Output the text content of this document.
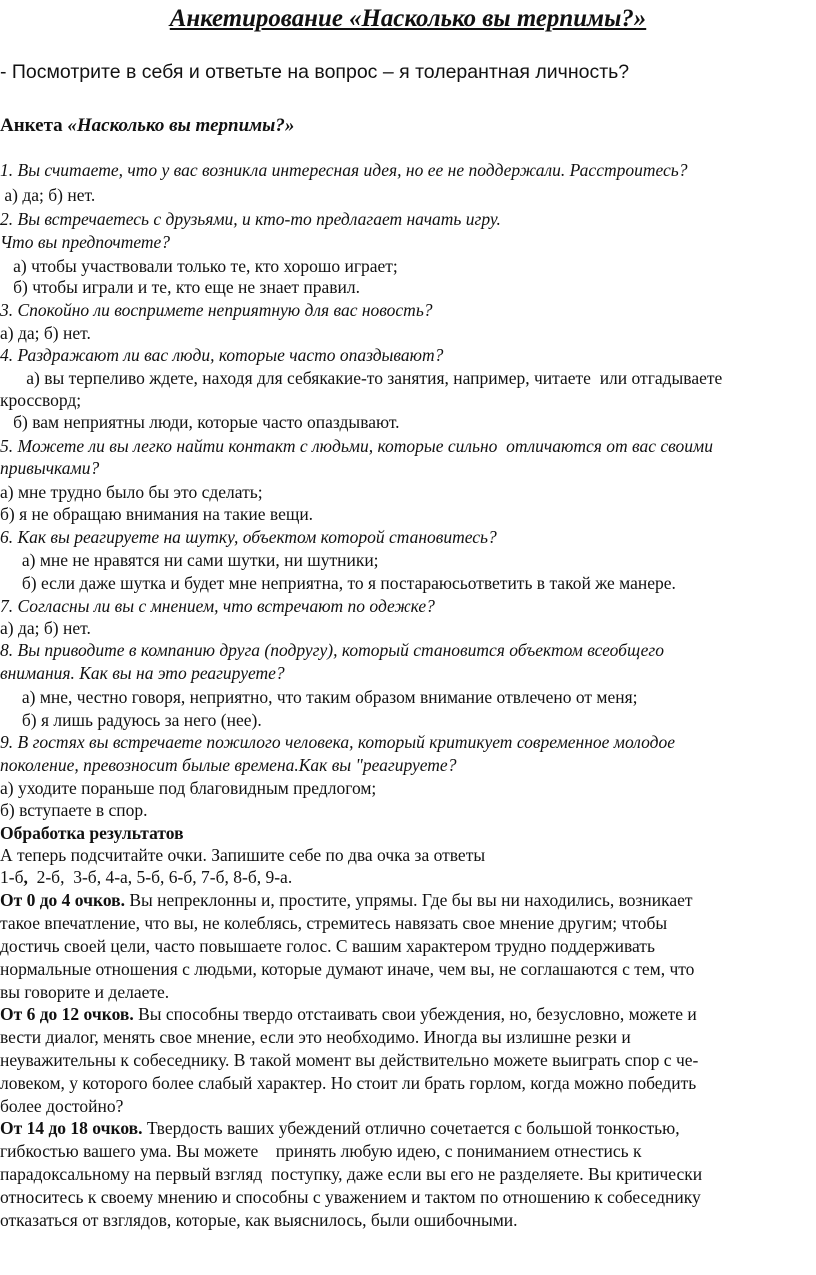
Анкетирование «Насколько вы терпимы?»
- Посмотрите в себя и ответьте на вопрос – я толерантная личность?
Анкета «Насколько вы терпимы?»
1. Вы считаете, что у вас возникла интересная идея, но ее не поддержали. Расстроитесь?
а) да; б) нет.
2. Вы встречаетесь с друзьями, и кто-то предлагает начать игру.
Что вы предпочтете?
а) чтобы участвовали только те, кто хорошо играет;
б) чтобы играли и те, кто еще не знает правил.
3. Спокойно ли воспримете неприятную для вас новость?
а) да; б) нет.
4. Раздражают ли вас люди, которые часто опаздывают?
а) вы терпеливо ждете, находя для себякакие-то занятия, например, читаете  или отгадываете
кроссворд;
б) вам неприятны люди, которые часто опаздывают.
5. Можете ли вы легко найти контакт с людьми, которые сильно  отличаются от вас своими
привычками?
а) мне трудно было бы это сделать;
б) я не обращаю внимания на такие вещи.
6. Как вы реагируете на шутку, объектом которой становитесь?
а) мне не нравятся ни сами шутки, ни шутники;
б) если даже шутка и будет мне неприятна, то я постараюсьответить в такой же манере.
7. Согласны ли вы с мнением, что встречают по одежке?
а) да; б) нет.
8. Вы приводите в компанию друга (подругу), который становится объектом всеобщего
внимания. Как вы на это реагируете?
а) мне, честно говоря, неприятно, что таким образом внимание отвлечено от меня;
б) я лишь радуюсь за него (нее).
9. В гостях вы встречаете пожилого человека, который критикует современное молодое
поколение, превозносит былые времена.Как вы "реагируете?
а) уходите пораньше под благовидным предлогом;
б) вступаете в спор.
Обработка результатов
А теперь подсчитайте очки. Запишите себе по два очка за ответы
1-б,  2-б,  3-б, 4-а, 5-б, 6-б, 7-б, 8-б, 9-а.
От 0 до 4 очков. Вы непреклонны и, простите, упрямы. Где бы вы ни находились, возникает
такое впечатление, что вы, не колеблясь, стремитесь навязать свое мнение другим; чтобы
достичь своей цели, часто повышаете голос. С вашим характером трудно поддерживать
нормальные отношения с людьми, которые думают иначе, чем вы, не соглашаются с тем, что
вы говорите и делаете.
От 6 до 12 очков. Вы способны твердо отстаивать свои убеждения, но, безусловно, можете и
вести диалог, менять свое мнение, если это необходимо. Иногда вы излишне резки и
неуважительны к собеседнику. В такой момент вы действительно можете выиграть спор с че-
ловеком, у которого более слабый характер. Но стоит ли брать горлом, когда можно победить
более достойно?
От 14 до 18 очков. Твердость ваших убеждений отлично сочетается с большой тонкостью,
гибкостью вашего ума. Вы можете    принять любую идею, с пониманием отнестись к
парадоксальному на первый взгляд  поступку, даже если вы его не разделяете. Вы критически
относитесь к своему мнению и способны с уважением и тактом по отношению к собеседнику
отказаться от взглядов, которые, как выяснилось, были ошибочными.
